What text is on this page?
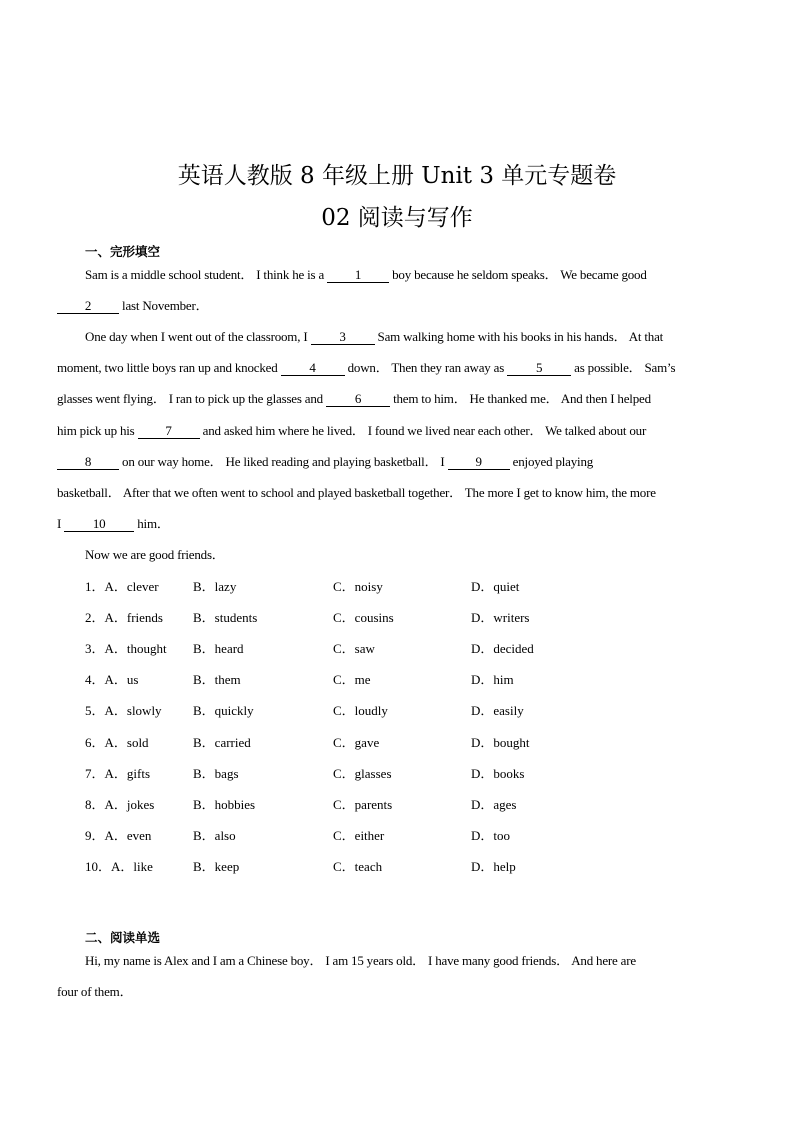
英语人教版 8 年级上册 Unit 3 单元专题卷
02 阅读与写作
一、完形填空
Sam is a middle school student． I think he is a 1 boy because he seldom speaks． We became good
2 last November．
One day when I went out of the classroom, I 3 Sam walking home with his books in his hands． At that
moment, two little boys ran up and knocked 4 down． Then they ran away as 5 as possible． Sam’s
glasses went flying． I ran to pick up the glasses and 6 them to him． He thanked me． And then I helped
him pick up his 7 and asked him where he lived． I found we lived near each other． We talked about our
8 on our way home． He liked reading and playing basketball． I 9 enjoyed playing
basketball． After that we often went to school and played basketball together． The more I get to know him, the more
I 10 him．
Now we are good friends．
1．A．clever	B．lazy	C．noisy	D．quiet
2．A．friends B．students	C．cousins	D．writers
3．A．thought B．heard	C．saw	D．decided
4．A．us	B．them	C．me	D．him
5．A．slowly B．quickly	C．loudly	D．easily
6．A．sold	B．carried	C．gave	D．bought
7．A．gifts	B．bags	C．glasses	D．books
8．A．jokes	B．hobbies	C．parents	D．ages
9．A．even	B．also	C．either	D．too
10．A．like	B．keep	C．teach	D．help
二、阅读单选
Hi, my name is Alex and I am a Chinese boy． I am 15 years old． I have many good friends． And here are
four of them．
